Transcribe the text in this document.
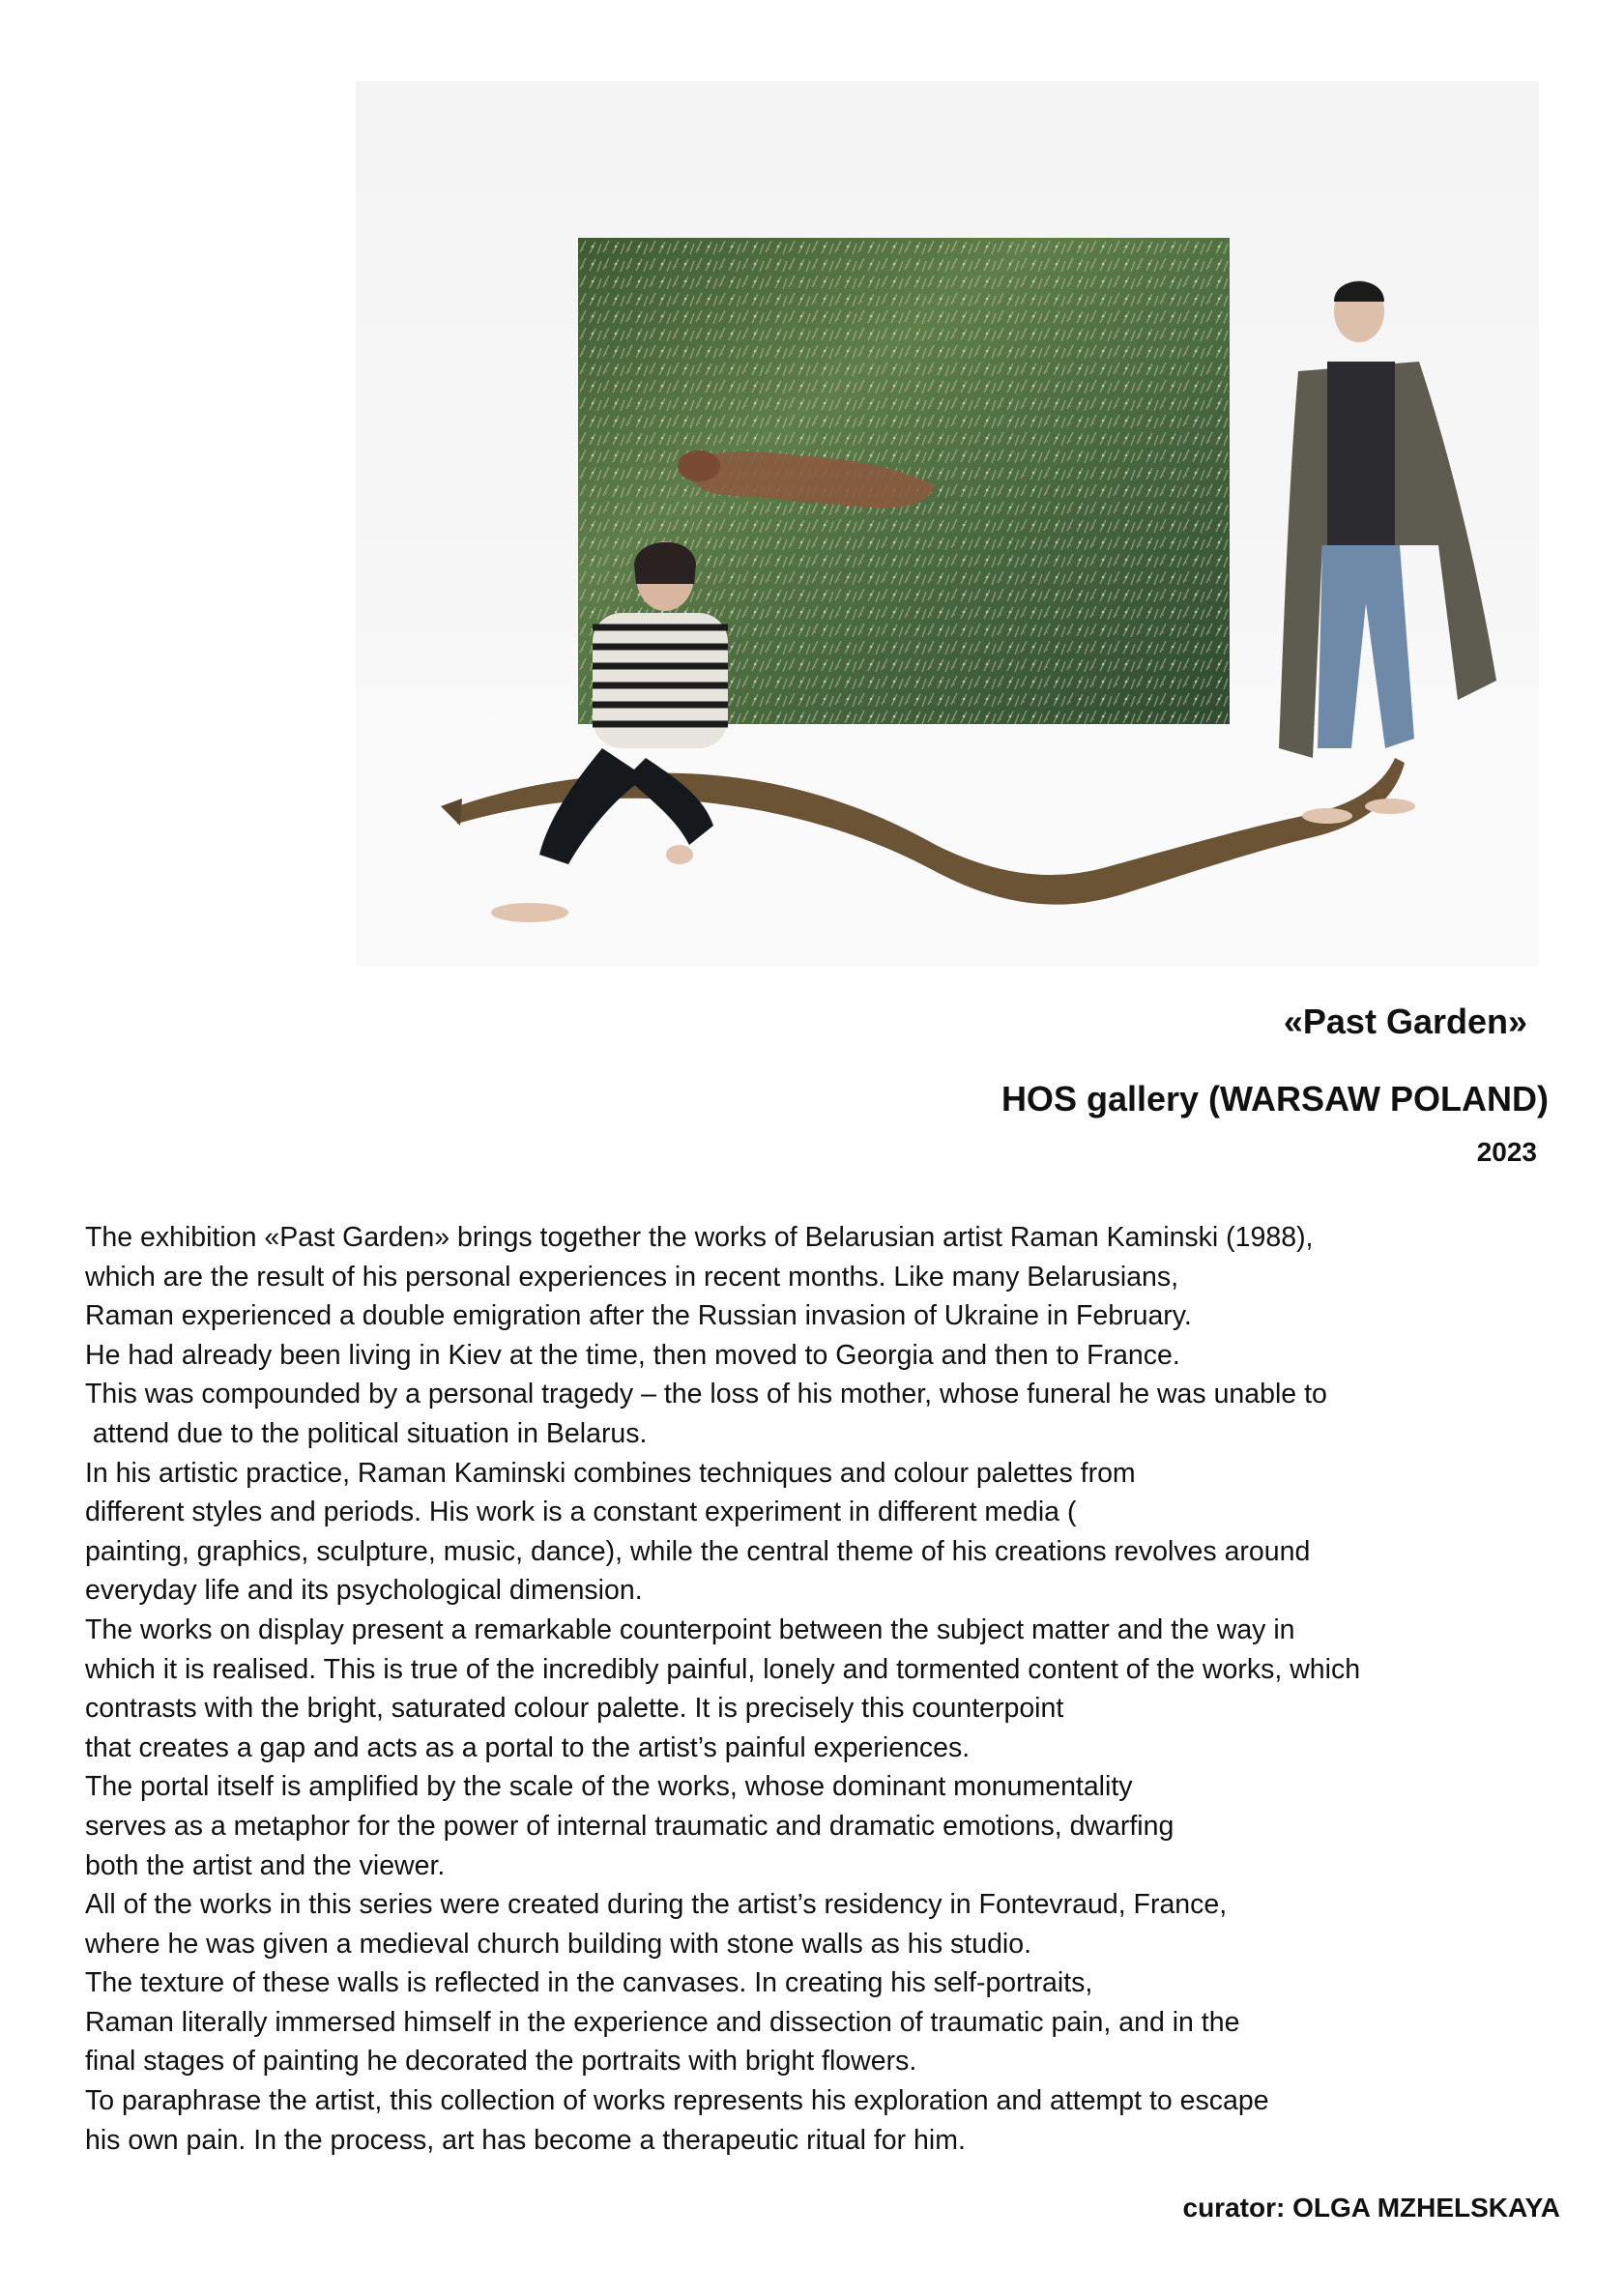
«Past Garden»
HOS gallery (WARSAW POLAND)
2023
The exhibition «Past Garden» brings together the works of Belarusian artist Raman Kaminski (1988),
which are the result of his personal experiences in recent months. Like many Belarusians,
Raman experienced a double emigration after the Russian invasion of Ukraine in February.
He had already been living in Kiev at the time, then moved to Georgia and then to France.
This was compounded by a personal tragedy – the loss of his mother, whose funeral he was unable to
attend due to the political situation in Belarus.
In his artistic practice, Raman Kaminski combines techniques and colour palettes from
different styles and periods. His work is a constant experiment in different media (
painting, graphics, sculpture, music, dance), while the central theme of his creations revolves around
everyday life and its psychological dimension.
The works on display present a remarkable counterpoint between the subject matter and the way in
which it is realised. This is true of the incredibly painful, lonely and tormented content of the works, which
contrasts with the bright, saturated colour palette. It is precisely this counterpoint
that creates a gap and acts as a portal to the artist’s painful experiences.
The portal itself is amplified by the scale of the works, whose dominant monumentality
serves as a metaphor for the power of internal traumatic and dramatic emotions, dwarfing
both the artist and the viewer.
All of the works in this series were created during the artist’s residency in Fontevraud, France,
where he was given a medieval church building with stone walls as his studio.
The texture of these walls is reflected in the canvases. In creating his self-portraits,
Raman literally immersed himself in the experience and dissection of traumatic pain, and in the
final stages of painting he decorated the portraits with bright flowers.
To paraphrase the artist, this collection of works represents his exploration and attempt to escape
his own pain. In the process, art has become a therapeutic ritual for him.
curator: OLGA MZHELSKAYA
